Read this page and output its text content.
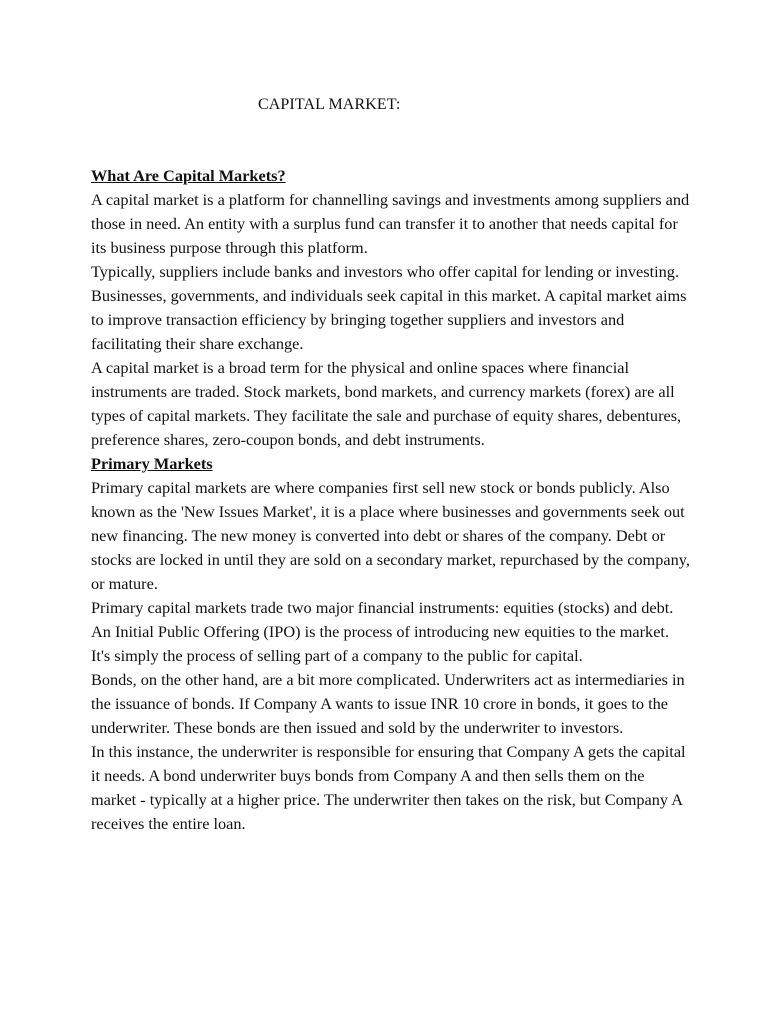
CAPITAL MARKET:
What Are Capital Markets?

A capital market is a platform for channelling savings and investments among suppliers and those in need. An entity with a surplus fund can transfer it to another that needs capital for its business purpose through this platform.

Typically, suppliers include banks and investors who offer capital for lending or investing. Businesses, governments, and individuals seek capital in this market. A capital market aims to improve transaction efficiency by bringing together suppliers and investors and facilitating their share exchange.

A capital market is a broad term for the physical and online spaces where financial instruments are traded. Stock markets, bond markets, and currency markets (forex) are all types of capital markets. They facilitate the sale and purchase of equity shares, debentures, preference shares, zero-coupon bonds, and debt instruments.

Primary Markets

Primary capital markets are where companies first sell new stock or bonds publicly. Also known as the 'New Issues Market', it is a place where businesses and governments seek out new financing. The new money is converted into debt or shares of the company. Debt or stocks are locked in until they are sold on a secondary market, repurchased by the company, or mature.

Primary capital markets trade two major financial instruments: equities (stocks) and debt.

An Initial Public Offering (IPO) is the process of introducing new equities to the market. It's simply the process of selling part of a company to the public for capital.

Bonds, on the other hand, are a bit more complicated. Underwriters act as intermediaries in the issuance of bonds. If Company A wants to issue INR 10 crore in bonds, it goes to the underwriter. These bonds are then issued and sold by the underwriter to investors.

In this instance, the underwriter is responsible for ensuring that Company A gets the capital it needs. A bond underwriter buys bonds from Company A and then sells them on the market - typically at a higher price. The underwriter then takes on the risk, but Company A receives the entire loan.
